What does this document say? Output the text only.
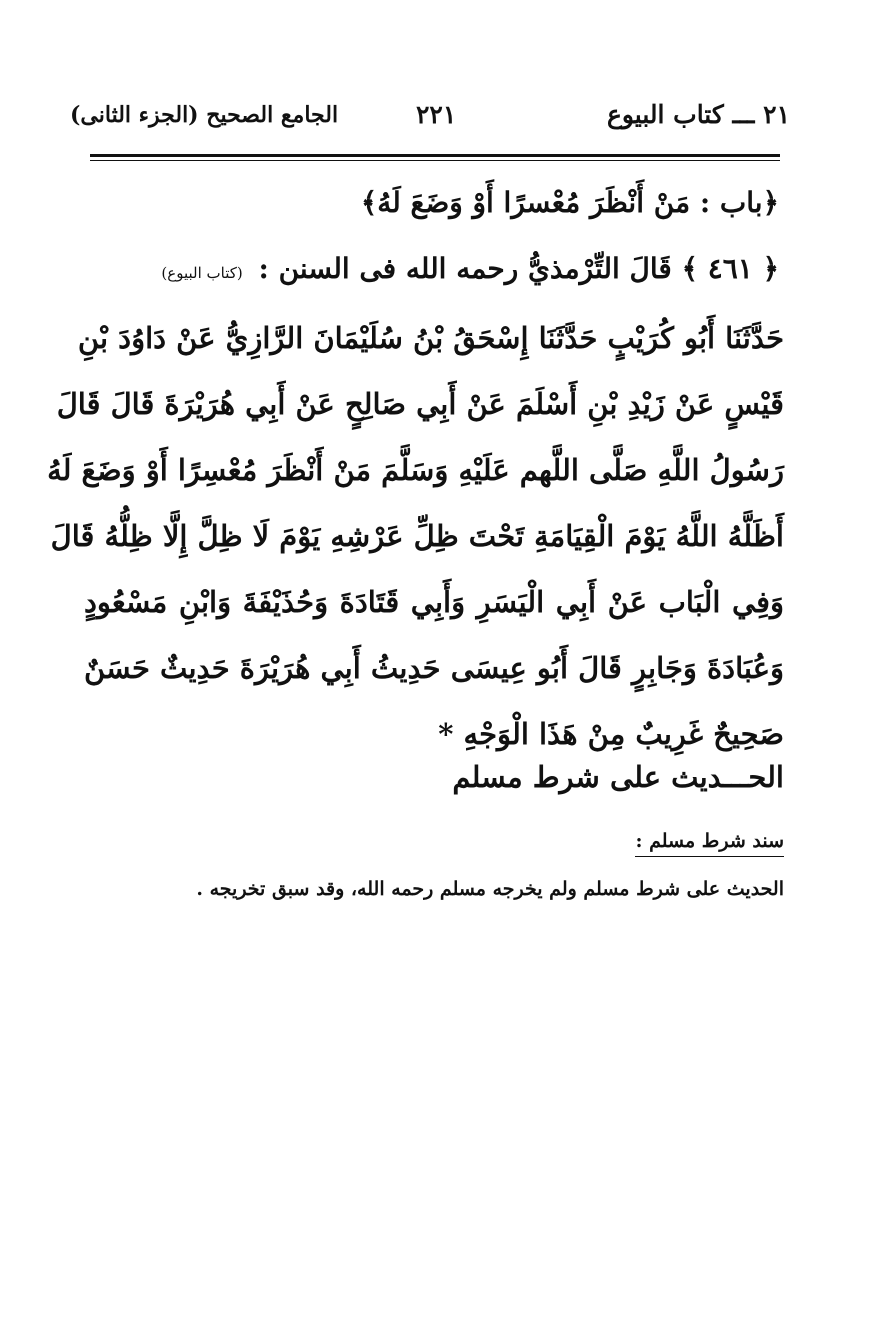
٢١ ـــ كتاب البيوع
٢٢١
الجامع الصحيح (الجزء الثانى)
﴿باب : مَنْ أَنْظَرَ مُعْسرًا أَوْ وَضَعَ لَهُ﴾
﴿ ٤٦١ ﴾ قَالَ التِّرْمذيُّ رحمه الله فى السنن : (كتاب البيوع)
حَدَّثَنَا أَبُو كُرَيْبٍ حَدَّثَنَا إِسْحَقُ بْنُ سُلَيْمَانَ الرَّازِيُّ عَنْ دَاوُدَ بْنِ
قَيْسٍ عَنْ زَيْدِ بْنِ أَسْلَمَ عَنْ أَبِي صَالِحٍ عَنْ أَبِي هُرَيْرَةَ قَالَ قَالَ
رَسُولُ اللَّهِ صَلَّى اللَّهم عَلَيْهِ وَسَلَّمَ مَنْ أَنْظَرَ مُعْسِرًا أَوْ وَضَعَ لَهُ
أَظَلَّهُ اللَّهُ يَوْمَ الْقِيَامَةِ تَحْتَ ظِلِّ عَرْشِهِ يَوْمَ لَا ظِلَّ إِلَّا ظِلُّهُ قَالَ
وَفِي الْبَاب عَنْ أَبِي الْيَسَرِ وَأَبِي قَتَادَةَ وَحُذَيْفَةَ وَابْنِ مَسْعُودٍ
وَعُبَادَةَ وَجَابِرٍ قَالَ أَبُو عِيسَى حَدِيثُ أَبِي هُرَيْرَةَ حَدِيثٌ حَسَنٌ
صَحِيحٌ غَرِيبٌ مِنْ هَذَا الْوَجْهِ *
الحـــديث على شرط مسلم
سند شرط مسلم :
الحديث على شرط مسلم ولم يخرجه مسلم رحمه الله، وقد سبق تخريجه .
